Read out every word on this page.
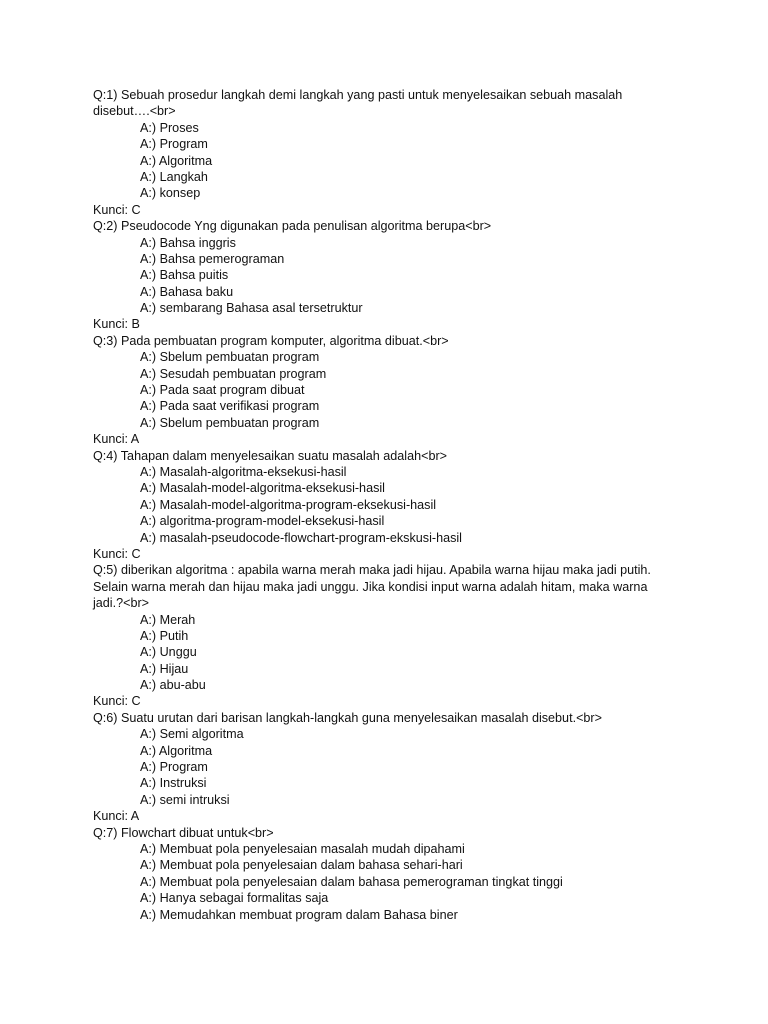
Q:1) Sebuah prosedur langkah demi langkah yang pasti untuk menyelesaikan sebuah masalah
disebut….<br>
A:) Proses
A:) Program
A:) Algoritma
A:) Langkah
A:) konsep
Kunci: C
Q:2) Pseudocode Yng digunakan pada penulisan algoritma berupa<br>
A:) Bahsa inggris
A:) Bahsa pemerograman
A:) Bahsa puitis
A:) Bahasa baku
A:) sembarang Bahasa asal tersetruktur
Kunci: B
Q:3) Pada pembuatan program komputer, algoritma dibuat.<br>
A:) Sbelum pembuatan program
A:) Sesudah pembuatan program
A:) Pada saat program dibuat
A:) Pada saat verifikasi program
A:) Sbelum pembuatan program
Kunci: A
Q:4) Tahapan dalam menyelesaikan suatu masalah adalah<br>
A:) Masalah-algoritma-eksekusi-hasil
A:) Masalah-model-algoritma-eksekusi-hasil
A:) Masalah-model-algoritma-program-eksekusi-hasil
A:) algoritma-program-model-eksekusi-hasil
A:) masalah-pseudocode-flowchart-program-ekskusi-hasil
Kunci: C
Q:5) diberikan algoritma : apabila warna merah maka jadi hijau. Apabila warna hijau maka jadi putih.
Selain warna merah dan hijau maka jadi unggu. Jika kondisi input warna adalah hitam, maka warna
jadi.?<br>
A:) Merah
A:) Putih
A:) Unggu
A:) Hijau
A:) abu-abu
Kunci: C
Q:6) Suatu urutan dari barisan langkah-langkah guna menyelesaikan masalah disebut.<br>
A:) Semi algoritma
A:) Algoritma
A:) Program
A:) Instruksi
A:) semi intruksi
Kunci: A
Q:7) Flowchart dibuat untuk<br>
A:) Membuat pola penyelesaian masalah mudah dipahami
A:) Membuat pola penyelesaian dalam bahasa sehari-hari
A:) Membuat pola penyelesaian dalam bahasa pemerograman tingkat tinggi
A:) Hanya sebagai formalitas saja
A:) Memudahkan membuat program dalam Bahasa biner
